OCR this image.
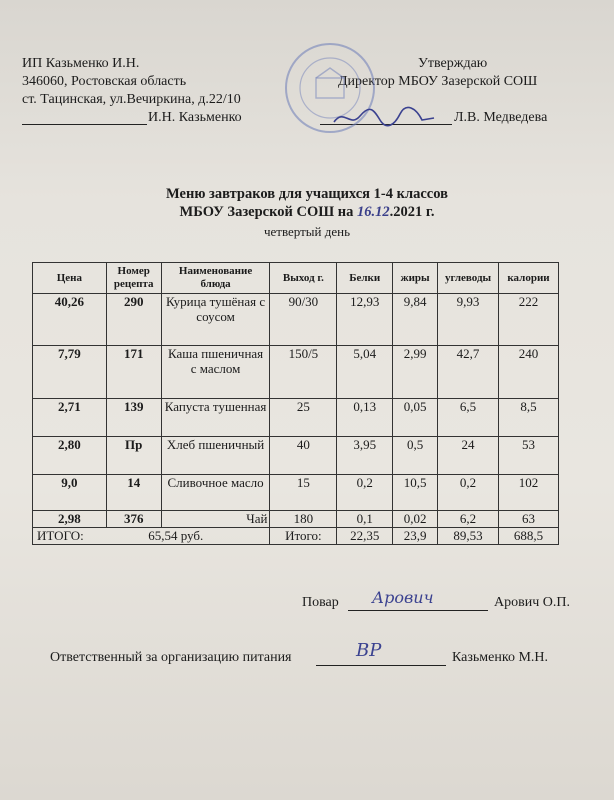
ИП Казьменко И.Н.
346060, Ростовская область
ст. Тацинская, ул.Вечиркина, д.22/10
И.Н. Казьменко
Утверждаю
Директор МБОУ Зазерской СОШ
Л.В. Медведева
Меню завтраков для учащихся 1-4 классов
МБОУ Зазерской СОШ на 16.12.2021 г.
четвертый день
Цена	Номер рецепта	Наименование блюда	Выход г.	Белки	жиры	углеводы	калории
40,26	290	Курица тушёная с соусом	90/30	12,93	9,84	9,93	222
7,79	171	Каша пшеничная с маслом	150/5	5,04	2,99	42,7	240
2,71	139	Капуста тушенная	25	0,13	0,05	6,5	8,5
2,80	Пр	Хлеб пшеничный	40	3,95	0,5	24	53
9,0	14	Сливочное масло	15	0,2	10,5	0,2	102
2,98	376	Чай	180	0,1	0,02	6,2	63
ИТОГО: 65,54 руб.			Итого:	22,35	23,9	89,53	688,5
Повар Арович	Арович О.П.
Ответственный за организацию питания	ВР	Казьменко М.Н.
